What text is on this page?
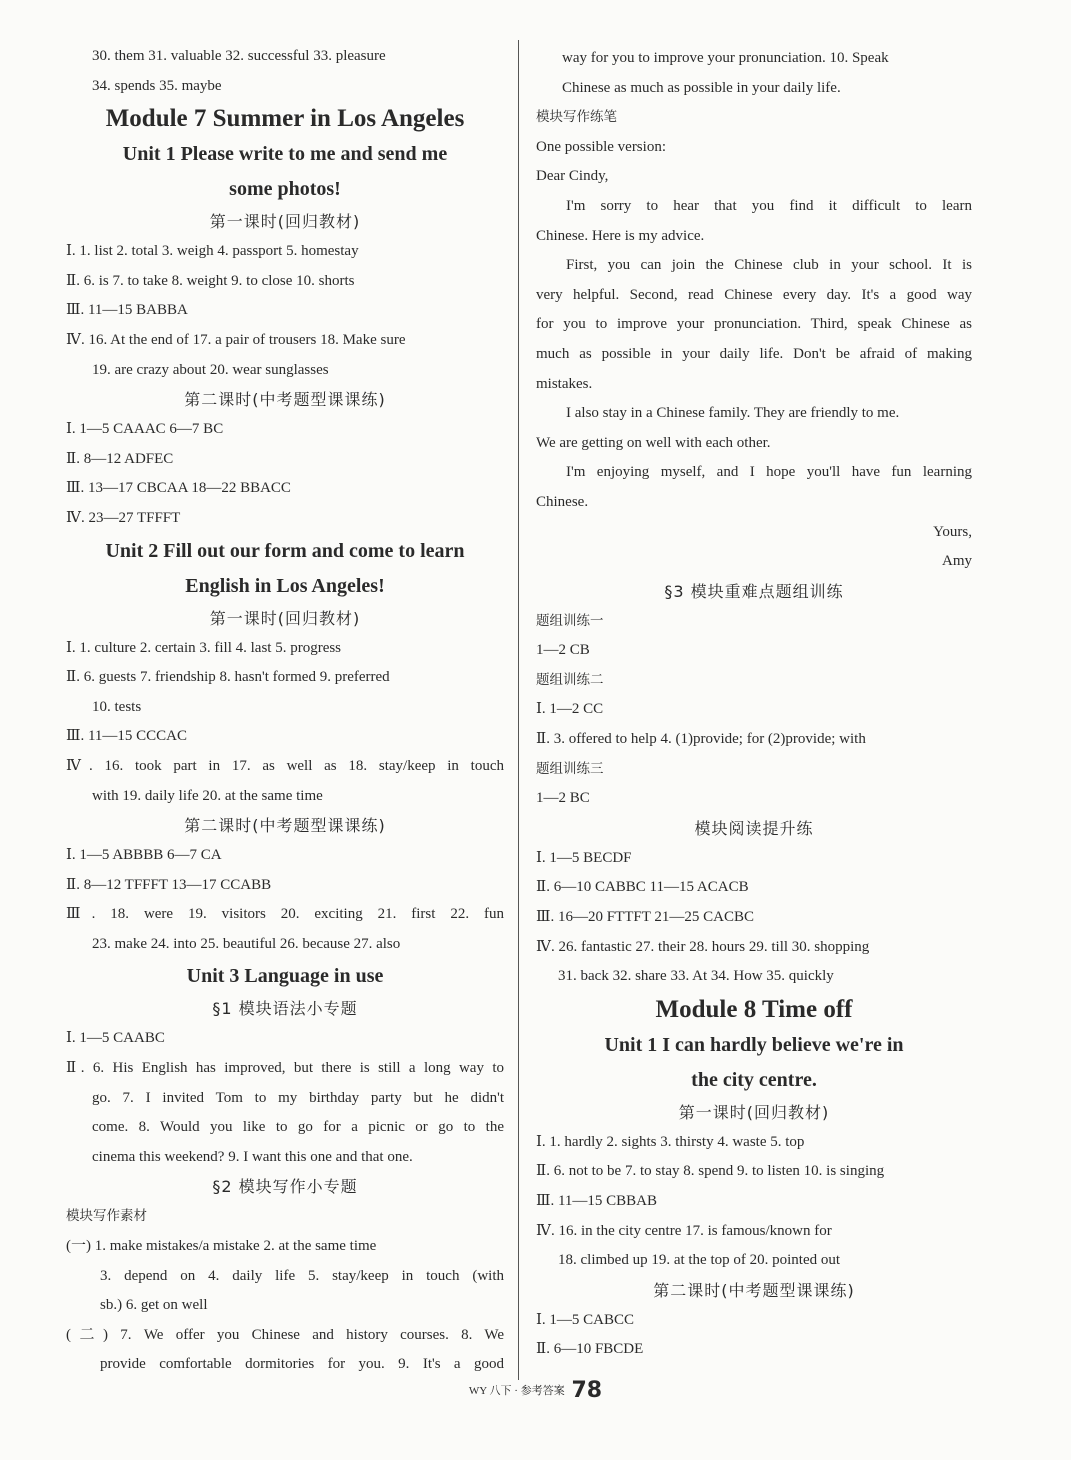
30. them 31. valuable 32. successful 33. pleasure
34. spends 35. maybe
Module 7 Summer in Los Angeles
Unit 1 Please write to me and send me
some photos!
第一课时(回归教材)
Ⅰ. 1. list 2. total 3. weigh 4. passport 5. homestay
Ⅱ. 6. is 7. to take 8. weight 9. to close 10. shorts
Ⅲ. 11—15 BABBA
Ⅳ. 16. At the end of 17. a pair of trousers 18. Make sure
19. are crazy about 20. wear sunglasses
第二课时(中考题型课课练)
Ⅰ. 1—5 CAAAC 6—7 BC
Ⅱ. 8—12 ADFEC
Ⅲ. 13—17 CBCAA 18—22 BBACC
Ⅳ. 23—27 TFFFT
Unit 2 Fill out our form and come to learn
English in Los Angeles!
第一课时(回归教材)
Ⅰ. 1. culture 2. certain 3. fill 4. last 5. progress
Ⅱ. 6. guests 7. friendship 8. hasn't formed 9. preferred
10. tests
Ⅲ. 11—15 CCCAC
Ⅳ. 16. took part in 17. as well as 18. stay/keep in touch
with 19. daily life 20. at the same time
第二课时(中考题型课课练)
Ⅰ. 1—5 ABBBB 6—7 CA
Ⅱ. 8—12 TFFFT 13—17 CCABB
Ⅲ. 18. were 19. visitors 20. exciting 21. first 22. fun
23. make 24. into 25. beautiful 26. because 27. also
Unit 3 Language in use
§1 模块语法小专题
Ⅰ. 1—5 CAABC
Ⅱ. 6. His English has improved, but there is still a long way to
go. 7. I invited Tom to my birthday party but he didn't
come. 8. Would you like to go for a picnic or go to the
cinema this weekend? 9. I want this one and that one.
§2 模块写作小专题
模块写作素材
(一) 1. make mistakes/a mistake 2. at the same time
3. depend on 4. daily life 5. stay/keep in touch (with
sb.) 6. get on well
(二) 7. We offer you Chinese and history courses. 8. We
provide comfortable dormitories for you. 9. It's a good
way for you to improve your pronunciation. 10. Speak
Chinese as much as possible in your daily life.
模块写作练笔
One possible version:
Dear Cindy,
I'm sorry to hear that you find it difficult to learn
Chinese. Here is my advice.
First, you can join the Chinese club in your school. It is
very helpful. Second, read Chinese every day. It's a good way
for you to improve your pronunciation. Third, speak Chinese as
much as possible in your daily life. Don't be afraid of making
mistakes.
I also stay in a Chinese family. They are friendly to me.
We are getting on well with each other.
I'm enjoying myself, and I hope you'll have fun learning
Chinese.
Yours,
Amy
§3 模块重难点题组训练
题组训练一
1—2 CB
题组训练二
Ⅰ. 1—2 CC
Ⅱ. 3. offered to help 4. (1)provide; for (2)provide; with
题组训练三
1—2 BC
模块阅读提升练
Ⅰ. 1—5 BECDF
Ⅱ. 6—10 CABBC 11—15 ACACB
Ⅲ. 16—20 FTTFT 21—25 CACBC
Ⅳ. 26. fantastic 27. their 28. hours 29. till 30. shopping
31. back 32. share 33. At 34. How 35. quickly
Module 8 Time off
Unit 1 I can hardly believe we're in
the city centre.
第一课时(回归教材)
Ⅰ. 1. hardly 2. sights 3. thirsty 4. waste 5. top
Ⅱ. 6. not to be 7. to stay 8. spend 9. to listen 10. is singing
Ⅲ. 11—15 CBBAB
Ⅳ. 16. in the city centre 17. is famous/known for
18. climbed up 19. at the top of 20. pointed out
第二课时(中考题型课课练)
Ⅰ. 1—5 CABCC
Ⅱ. 6—10 FBCDE
WY 八下 · 参考答案 78
